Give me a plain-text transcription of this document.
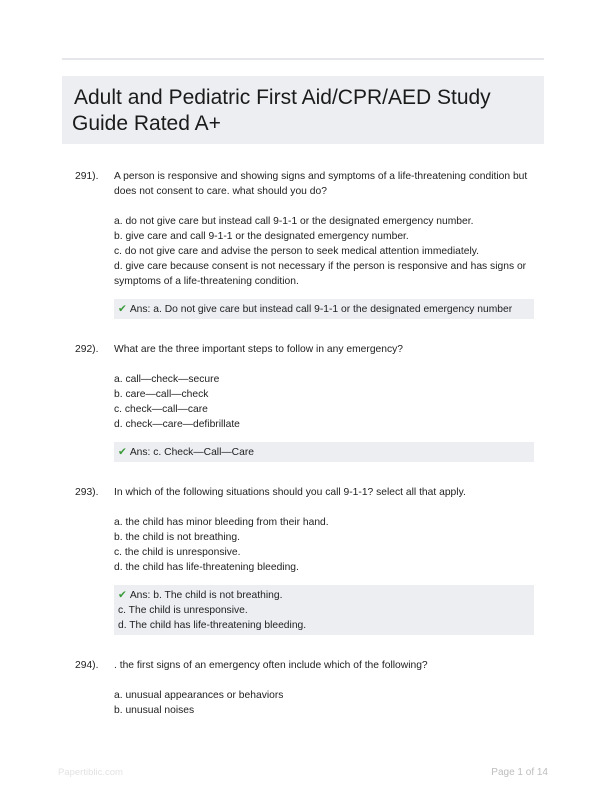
Adult and Pediatric First Aid/CPR/AED Study
Guide Rated A+
291). A person is responsive and showing signs and symptoms of a life-threatening condition but does not consent to care. what should you do?

a. do not give care but instead call 9-1-1 or the designated emergency number.
b. give care and call 9-1-1 or the designated emergency number.
c. do not give care and advise the person to seek medical attention immediately.
d. give care because consent is not necessary if the person is responsive and has signs or symptoms of a life-threatening condition.
✔ Ans: a. Do not give care but instead call 9-1-1 or the designated emergency number
292). What are the three important steps to follow in any emergency?

a. call—check—secure
b. care—call—check
c. check—call—care
d. check—care—defibrillate
✔ Ans: c. Check—Call—Care
293). In which of the following situations should you call 9-1-1? select all that apply.

a. the child has minor bleeding from their hand.
b. the child is not breathing.
c. the child is unresponsive.
d. the child has life-threatening bleeding.
✔ Ans: b. The child is not breathing.
c. The child is unresponsive.
d. The child has life-threatening bleeding.
294). . the first signs of an emergency often include which of the following?

a. unusual appearances or behaviors
b. unusual noises
Papertiblic.com	Page 1 of 14
